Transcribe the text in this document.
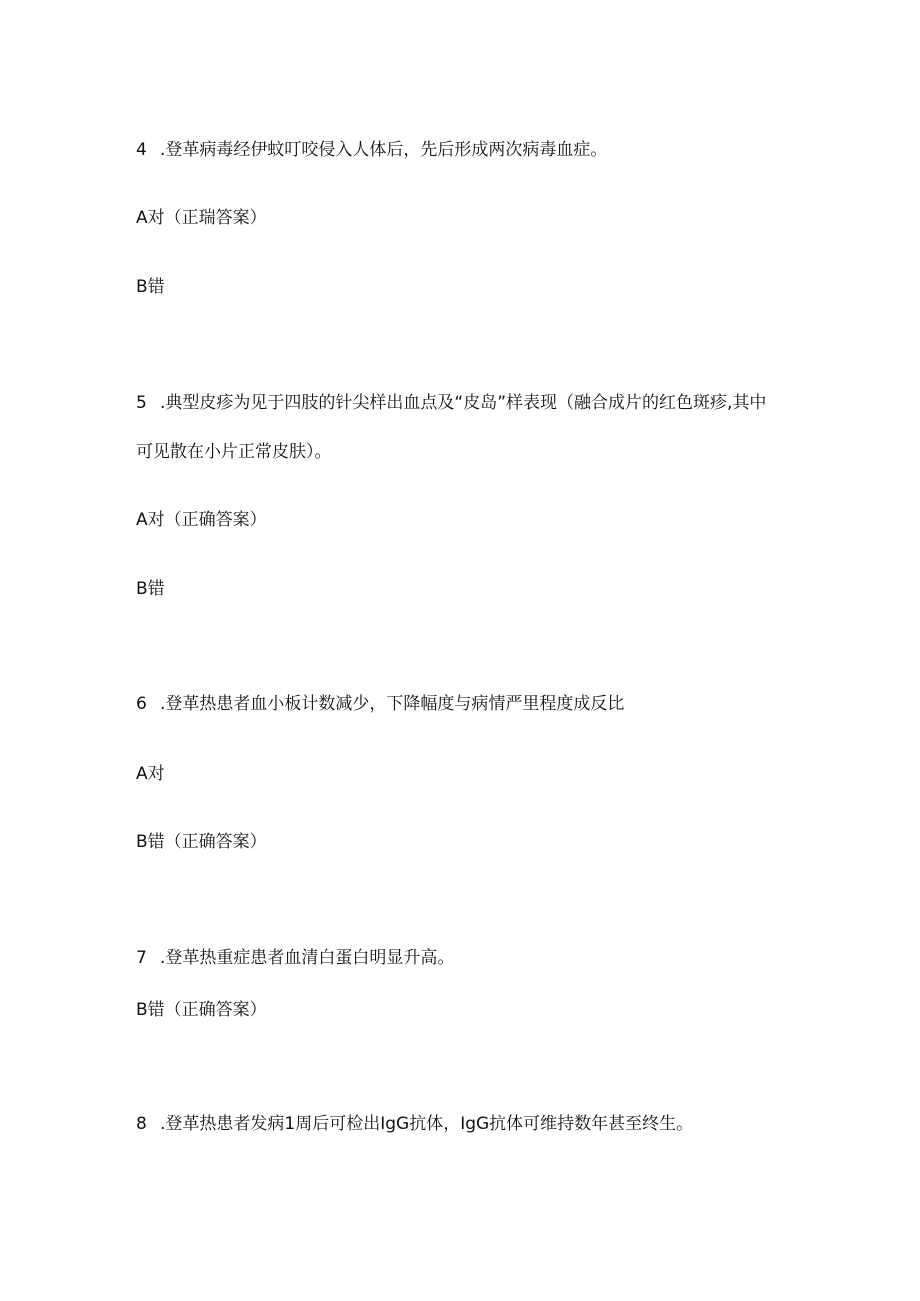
4 .登革病毒经伊蚊叮咬侵入人体后，先后形成两次病毒血症。
A对（正瑞答案）
B错
5 .典型皮疹为见于四肢的针尖样出血点及“皮岛”样表现（融合成片的红色斑疹,其中
可见散在小片正常皮肤）。
A对（正确答案）
B错
6 .登革热患者血小板计数减少，下降幅度与病情严里程度成反比
A对
B错（正确答案）
7 .登革热重症患者血清白蛋白明显升高。
B错（正确答案）
8 .登革热患者发病1周后可检出IgG抗体，IgG抗体可维持数年甚至终生。
